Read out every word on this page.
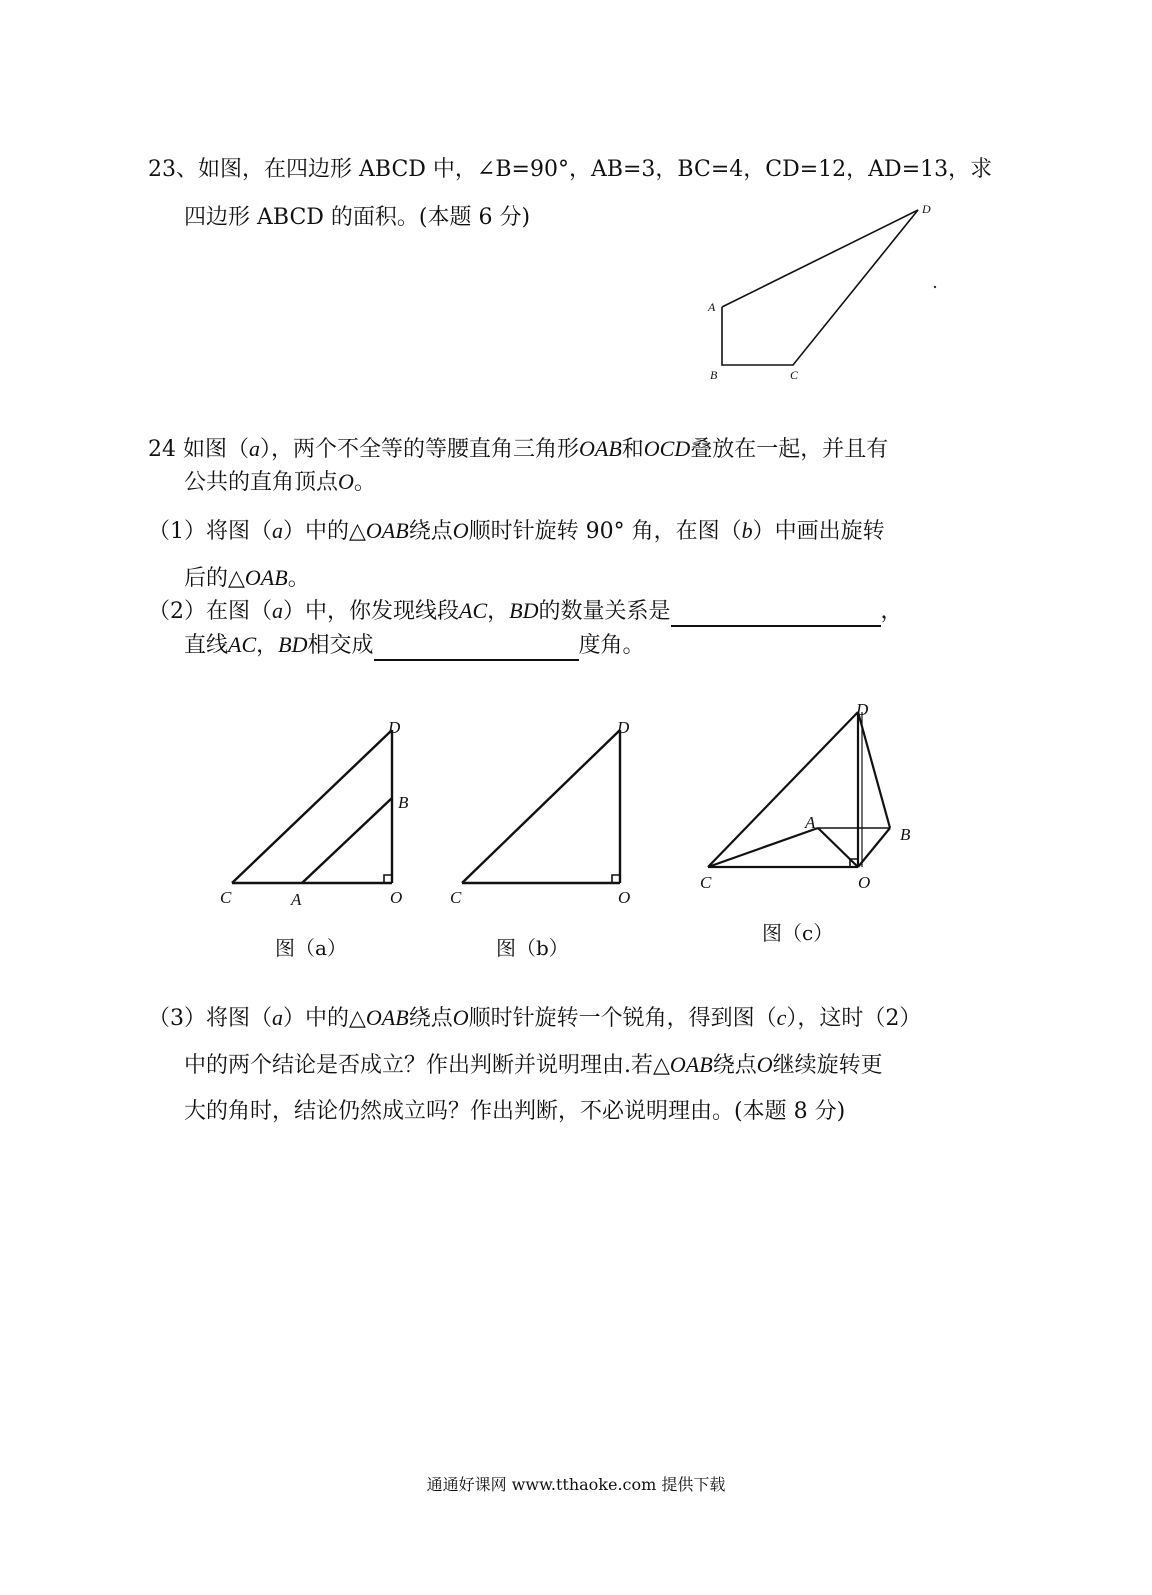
23、如图，在四边形 ABCD 中，∠B=90°，AB=3，BC=4，CD=12，AD=13，求
四边形 ABCD 的面积。(本题 6 分)
A
B	C
D
24 如图（a），两个不全等的等腰直角三角形OAB和OCD叠放在一起，并且有
公共的直角顶点O。
（1）将图（a）中的△OAB绕点O顺时针旋转 90° 角，在图（b）中画出旋转
后的△OAB。
（2）在图（a）中，你发现线段AC，BD的数量关系是	，
直线AC，BD相交成	度角。
C	A	O
B
D
图（a）
C	O
D
图（b）
C	O
A
B
D
图（c）
（3）将图（a）中的△OAB绕点O顺时针旋转一个锐角，得到图（c），这时（2）
中的两个结论是否成立？作出判断并说明理由.若△OAB绕点O继续旋转更
大的角时，结论仍然成立吗？作出判断，不必说明理由。(本题 8 分)
通通好课网 www.tthaoke.com 提供下载
